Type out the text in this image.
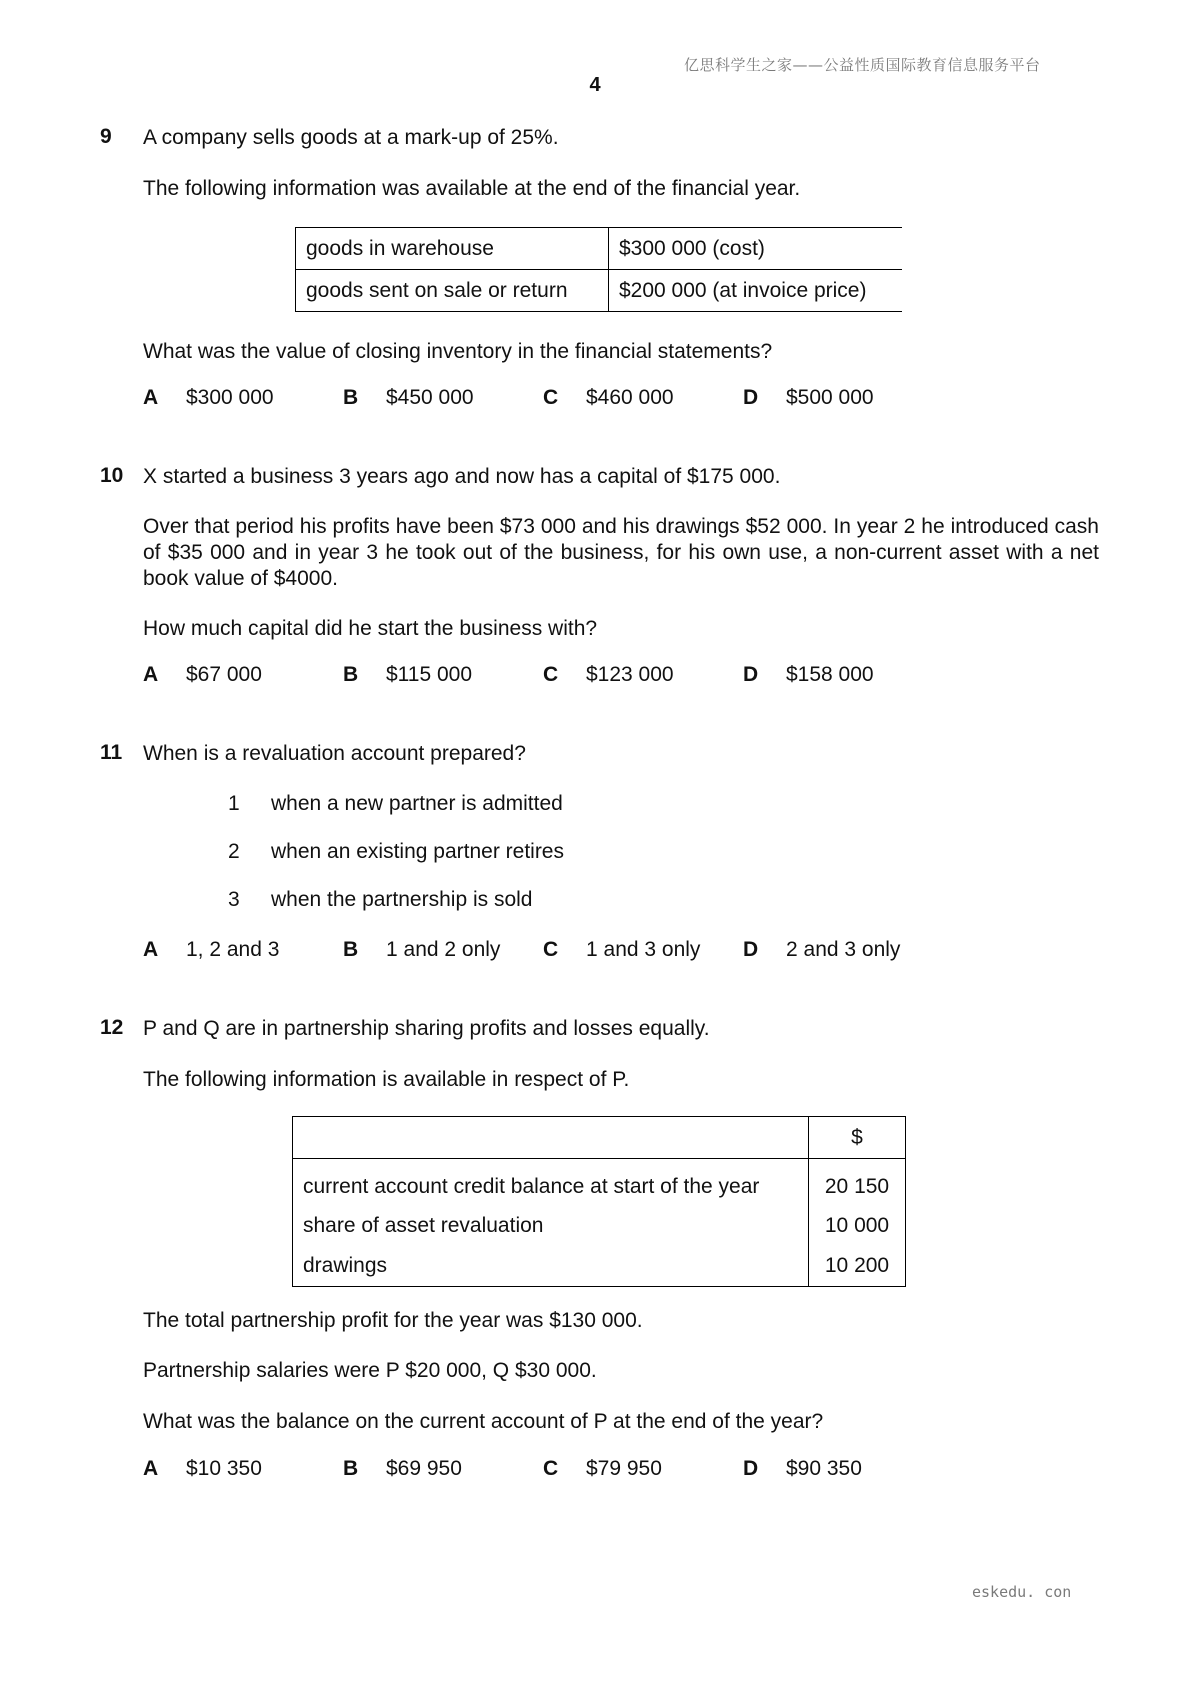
亿思科学生之家——公益性质国际教育信息服务平台
4
9 A company sells goods at a mark-up of 25%.
The following information was available at the end of the financial year.
goods in warehouse	$300 000 (cost)
goods sent on sale or return	$200 000 (at invoice price)
What was the value of closing inventory in the financial statements?
A $300 000	B $450 000	C $460 000	D $500 000
10 X started a business 3 years ago and now has a capital of $175 000.
Over that period his profits have been $73 000 and his drawings $52 000. In year 2 he introduced cash of $35 000 and in year 3 he took out of the business, for his own use, a non-current asset with a net book value of $4000.
How much capital did he start the business with?
A $67 000	B $115 000	C $123 000	D $158 000
11 When is a revaluation account prepared?
1 when a new partner is admitted
2 when an existing partner retires
3 when the partnership is sold
A 1, 2 and 3	B 1 and 2 only C 1 and 3 only D 2 and 3 only
12 P and Q are in partnership sharing profits and losses equally.
The following information is available in respect of P.
	$
current account credit balance at start of the year	20 150
share of asset revaluation	10 000
drawings	10 200
The total partnership profit for the year was $130 000.
Partnership salaries were P $20 000, Q $30 000.
What was the balance on the current account of P at the end of the year?
A $10 350	B $69 950	C $79 950	D $90 350
eskedu. con
